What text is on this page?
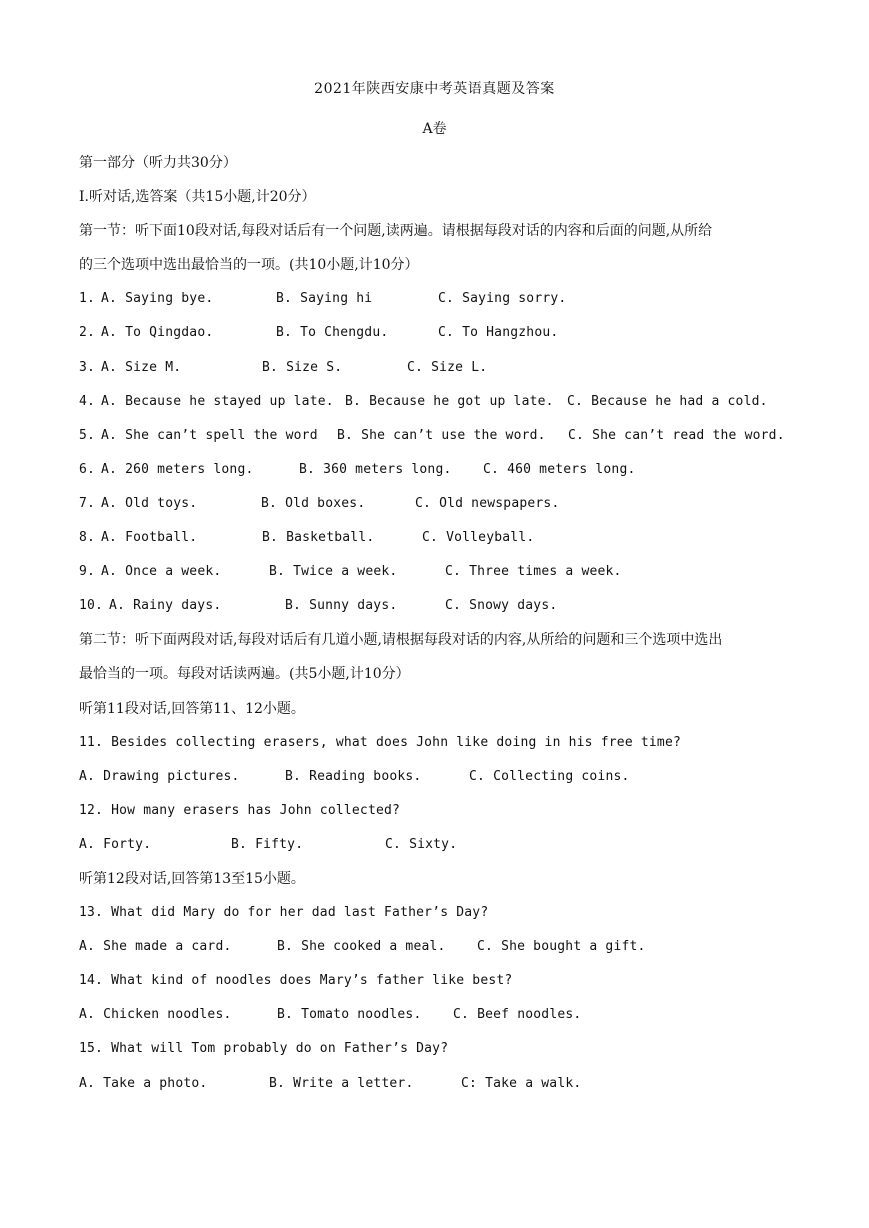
2021年陕西安康中考英语真题及答案
A卷
第一部分（听力共30分）
Ⅰ.听对话,选答案（共15小题,计20分）
第一节：听下面10段对话,每段对话后有一个问题,读两遍。请根据每段对话的内容和后面的问题,从所给
的三个选项中选出最恰当的一项。(共10小题,计10分）
1. A. Saying bye.	B. Saying hi	C. Saying sorry.
2. A. To Qingdao.	B. To Chengdu.	C. To Hangzhou.
3. A. Size M.	B. Size S.	C. Size L.
4. A. Because he stayed up late. B. Because he got up late.	C. Because he had a cold.
5. A. She can’t spell the word	B. She can’t use the word.	C. She can’t read the word.
6. A. 260 meters long.	B. 360 meters long.	C. 460 meters long.
7. A. Old toys.	B. Old boxes.	C. Old newspapers.
8. A. Football.	B. Basketball.	C. Volleyball.
9. A. Once a week.	B. Twice a week.	C. Three times a week.
10. A. Rainy days.	B. Sunny days.	C. Snowy days.
第二节：听下面两段对话,每段对话后有几道小题,请根据每段对话的内容,从所给的问题和三个选项中选出
最恰当的一项。每段对话读两遍。(共5小题,计10分）
听第11段对话,回答第11、12小题。
11. Besides collecting erasers, what does John like doing in his free time?
A. Drawing pictures.	B. Reading books.	C. Collecting coins.
12. How many erasers has John collected?
A. Forty.	B. Fifty.	C. Sixty.
听第12段对话,回答第13至15小题。
13. What did Mary do for her dad last Father’s Day?
A. She made a card.	B. She cooked a meal.	C. She bought a gift.
14. What kind of noodles does Mary’s father like best?
A. Chicken noodles.	B. Tomato noodles.	C. Beef noodles.
15. What will Tom probably do on Father’s Day?
A. Take a photo.	B. Write a letter.	C: Take a walk.
